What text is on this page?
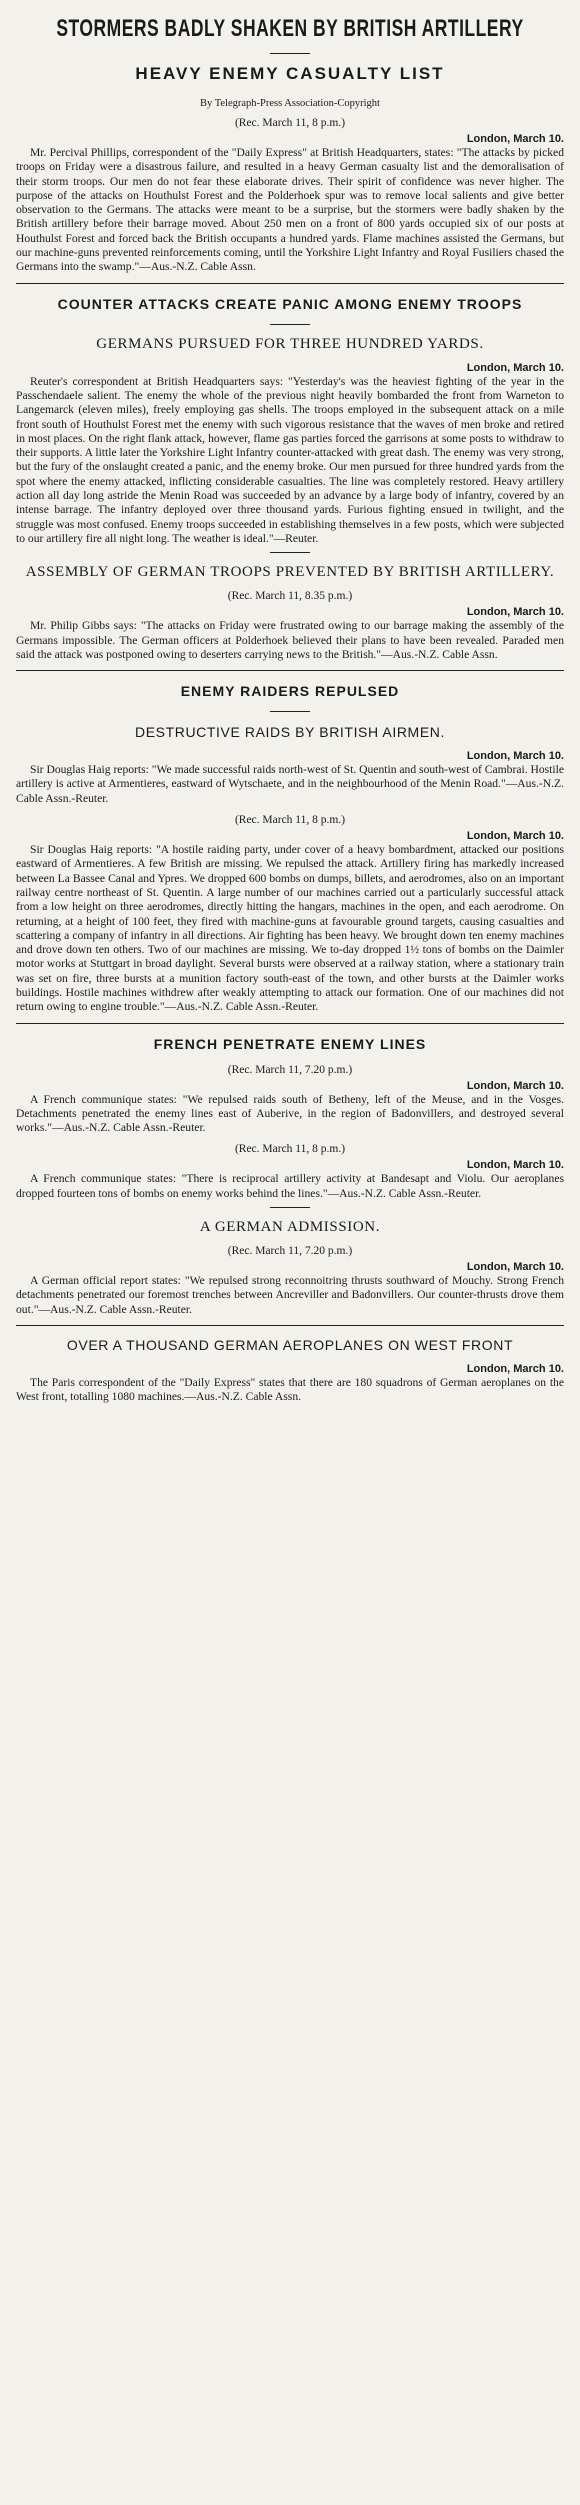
STORMERS BADLY SHAKEN BY BRITISH ARTILLERY
HEAVY ENEMY CASUALTY LIST
By Telegraph-Press Association-Copyright
(Rec. March 11, 8 p.m.)
London, March 10.

Mr. Percival Phillips, correspondent of the "Daily Express" at British Headquarters, states: "The attacks by picked troops on Friday were a disastrous failure, and resulted in a heavy German casualty list and the demoralisation of their storm troops. Our men do not fear these elaborate drives. Their spirit of confidence was never higher. The purpose of the attacks on Houthulst Forest and the Polderhoek spur was to remove local salients and give better observation to the Germans. The attacks were meant to be a surprise, but the stormers were badly shaken by the British artillery before their barrage moved. About 250 men on a front of 800 yards occupied six of our posts at Houthulst Forest and forced back the British occupants a hundred yards. Flame machines assisted the Germans, but our machine-guns prevented reinforcements coming, until the Yorkshire Light Infantry and Royal Fusiliers chased the Germans into the swamp."—Aus.-N.Z. Cable Assn.

COUNTER ATTACKS CREATE PANIC AMONG ENEMY TROOPS
GERMANS PURSUED FOR THREE HUNDRED YARDS.
London, March 10.

Reuter's correspondent at British Headquarters says: "Yesterday's was the heaviest fighting of the year in the Passchendaele salient. The enemy the whole of the previous night heavily bombarded the front from Warneton to Langemarck (eleven miles), freely employing gas shells. The troops employed in the subsequent attack on a mile front south of Houthulst Forest met the enemy with such vigorous resistance that the waves of men broke and retired in most places. On the right flank attack, however, flame gas parties forced the garrisons at some posts to withdraw to their supports. A little later the Yorkshire Light Infantry counter-attacked with great dash. The enemy was very strong, but the fury of the onslaught created a panic, and the enemy broke. Our men pursued for three hundred yards from the spot where the enemy attacked, inflicting considerable casualties. The line was completely restored. Heavy artillery action all day long astride the Menin Road was succeeded by an advance by a large body of infantry, covered by an intense barrage. The infantry deployed over three thousand yards. Furious fighting ensued in twilight, and the struggle was most confused. Enemy troops succeeded in establishing themselves in a few posts, which were subjected to our artillery fire all night long. The weather is ideal."—Reuter.

ASSEMBLY OF GERMAN TROOPS PREVENTED BY BRITISH ARTILLERY.
(Rec. March 11, 8.35 p.m.)
London, March 10.

Mr. Philip Gibbs says: "The attacks on Friday were frustrated owing to our barrage making the assembly of the Germans impossible. The German officers at Polderhoek believed their plans to have been revealed. Paraded men said the attack was postponed owing to deserters carrying news to the British."—Aus.-N.Z. Cable Assn.

ENEMY RAIDERS REPULSED
DESTRUCTIVE RAIDS BY BRITISH AIRMEN.
London, March 10.

Sir Douglas Haig reports: "We made successful raids north-west of St. Quentin and south-west of Cambrai. Hostile artillery is active at Armentieres, eastward of Wytschaete, and in the neighbourhood of the Menin Road."—Aus.-N.Z. Cable Assn.-Reuter.

(Rec. March 11, 8 p.m.)
London, March 10.

Sir Douglas Haig reports: "A hostile raiding party, under cover of a heavy bombardment, attacked our positions eastward of Armentieres. A few British are missing. We repulsed the attack. Artillery firing has markedly increased between La Bassee Canal and Ypres. We dropped 600 bombs on dumps, billets, and aerodromes, also on an important railway centre northeast of St. Quentin. A large number of our machines carried out a particularly successful attack from a low height on three aerodromes, directly hitting the hangars, machines in the open, and each aerodrome. On returning, at a height of 100 feet, they fired with machine-guns at favourable ground targets, causing casualties and scattering a company of infantry in all directions. Air fighting has been heavy. We brought down ten enemy machines and drove down ten others. Two of our machines are missing. We to-day dropped 1½ tons of bombs on the Daimler motor works at Stuttgart in broad daylight. Several bursts were observed at a railway station, where a stationary train was set on fire, three bursts at a munition factory south-east of the town, and other bursts at the Daimler works buildings. Hostile machines withdrew after weakly attempting to attack our formation. One of our machines did not return owing to engine trouble."—Aus.-N.Z. Cable Assn.-Reuter.

FRENCH PENETRATE ENEMY LINES
(Rec. March 11, 7.20 p.m.)
London, March 10.

A French communique states: "We repulsed raids south of Betheny, left of the Meuse, and in the Vosges. Detachments penetrated the enemy lines east of Auberive, in the region of Badonvillers, and destroyed several works."—Aus.-N.Z. Cable Assn.-Reuter.

(Rec. March 11, 8 p.m.)
London, March 10.

A French communique states: "There is reciprocal artillery activity at Bandesapt and Violu. Our aeroplanes dropped fourteen tons of bombs on enemy works behind the lines."—Aus.-N.Z. Cable Assn.-Reuter.

A GERMAN ADMISSION.
(Rec. March 11, 7.20 p.m.)
London, March 10.

A German official report states: "We repulsed strong reconnoitring thrusts southward of Mouchy. Strong French detachments penetrated our foremost trenches between Ancreviller and Badonvillers. Our counter-thrusts drove them out."—Aus.-N.Z. Cable Assn.-Reuter.

OVER A THOUSAND GERMAN AEROPLANES ON WEST FRONT
London, March 10.

The Paris correspondent of the "Daily Express" states that there are 180 squadrons of German aeroplanes on the West front, totalling 1080 machines.—Aus.-N.Z. Cable Assn.
